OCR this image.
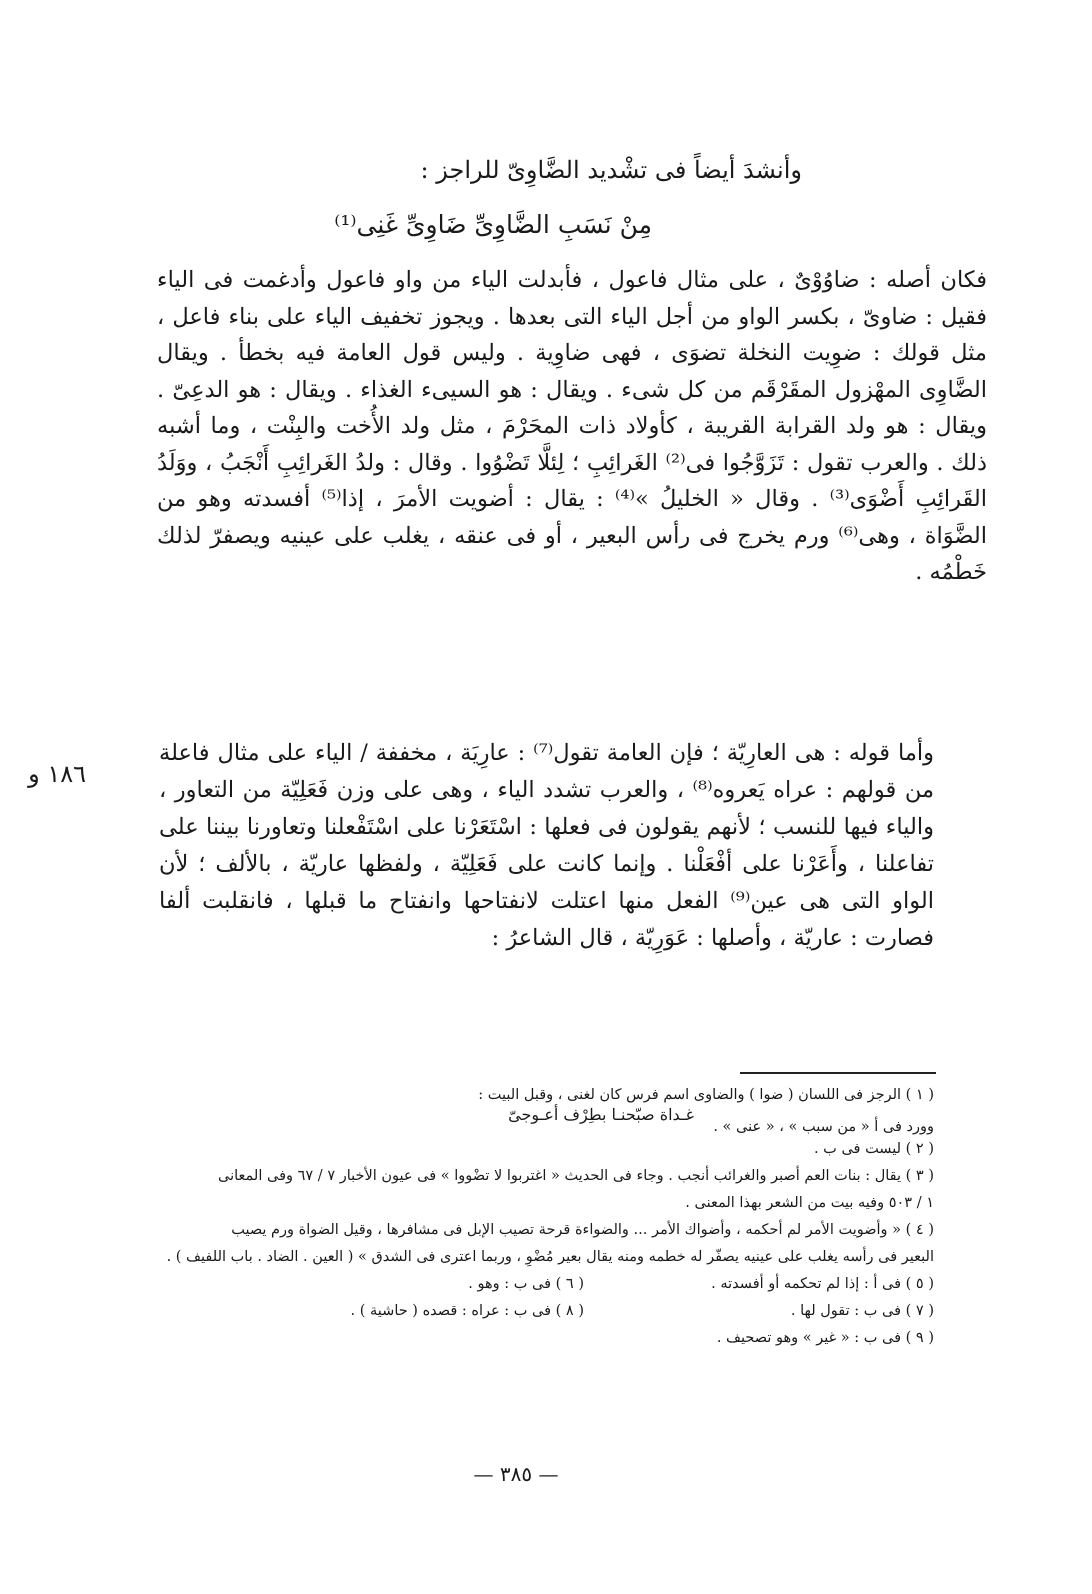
وأنشدَ أيضاً فى تشْديد الضَّاوِىّ للراجز :
مِنْ نَسَبِ الضَّاوِىِّ ضَاوِىِّ غَنِى⁽¹⁾
فكان أصله : ضاوُوْىٌ ، على مثال فاعول ، فأبدلت الياء من واو فاعول وأدغمت فى الياء فقيل : ضاوىّ ، بكسر الواو من أجل الياء التى بعدها . ويجوز تخفيف الياء على بناء فاعل ، مثل قولك : ضوِيت النخلة تضوَى ، فهى ضاوِية . وليس قول العامة فيه بخطأ . ويقال الضَّاوِى المهْزول المقَرْقَم من كل شىء . ويقال : هو السيىء الغذاء . ويقال : هو الدعِىّ . ويقال : هو ولد القرابة القريبة ، كأولاد ذات المحَرْمَ ، مثل ولد الأُخت والبِنْت ، وما أشبه ذلك . والعرب تقول : تَزَوَّجُوا فى⁽²⁾ الغَرائِبِ ؛ لِئلَّا تَضْوُوا . وقال : ولدُ الغَرائِبِ أَنْجَبُ ، ووَلَدُ القَرائِبِ أَضْوَى⁽³⁾ . وقال « الخليلُ »⁽⁴⁾ : يقال : أضويت الأمرَ ، إذا⁽⁵⁾ أفسدته وهو من الضَّوَاة ، وهى⁽⁶⁾ ورم يخرج فى رأس البعير ، أو فى عنقه ، يغلب على عينيه ويصفرّ لذلك خَطْمُه .
١٨٦ و
وأما قوله : هى العارِيّة ؛ فإن العامة تقول⁽⁷⁾ : عارِيَة ، مخففة / الياء على مثال فاعلة من قولهم : عراه يَعروه⁽⁸⁾ ، والعرب تشدد الياء ، وهى على وزن فَعَلِيّة من التعاور ، والياء فيها للنسب ؛ لأنهم يقولون فى فعلها : اسْتَعَرْنا على اسْتَفْعلنا وتعاورنا بيننا على تفاعلنا ، وأَعَرْنا على أفْعَلْنا . وإنما كانت على فَعَلِيّة ، ولفظها عاريّة ، بالألف ؛ لأن الواو التى هى عين⁽⁹⁾ الفعل منها اعتلت لانفتاحها وانفتاح ما قبلها ، فانقلبت ألفا فصارت : عاريّة ، وأصلها : عَوَرِيّة ، قال الشاعرُ :
( ١ ) الرجز فى اللسان ( ضوا ) والضاوى اسم فرس كان لغنى ، وقبل البيت :
غـداة صبّحنـا بطِرْف أعـوجىّ
وورد فى أ « من سبب » ، « عنى » .
( ٢ ) ليست فى ب .
( ٣ ) يقال : بنات العم أصبر والغرائب أنجب . وجاء فى الحديث « اغتربوا لا تضْووا » فى عيون الأخبار ٧ / ٦٧ وفى المعانى
١ / ٥٠٣ وفيه بيت من الشعر بهذا المعنى .
( ٤ ) « وأضويت الأمر لم أحكمه ، وأضواك الأمر ... والضواءة قرحة تصيب الإبل فى مشافرها ، وقيل الضواة ورم يصيب
البعير فى رأسه يغلب على عينيه يصفّر له خطمه ومنه يقال بعير مُضْوِ ، وربما اعترى فى الشدق » ( العين . الضاد . باب اللفيف ) .
( ٥ ) فى أ : إذا لم تحكمه أو أفسدته .
( ٦ ) فى ب : وهو .
( ٧ ) فى ب : تقول لها .
( ٨ ) فى ب : عراه : قصده ( حاشية ) .
( ٩ ) فى ب : « غير » وهو تصحيف .
— ٣٨٥ —
